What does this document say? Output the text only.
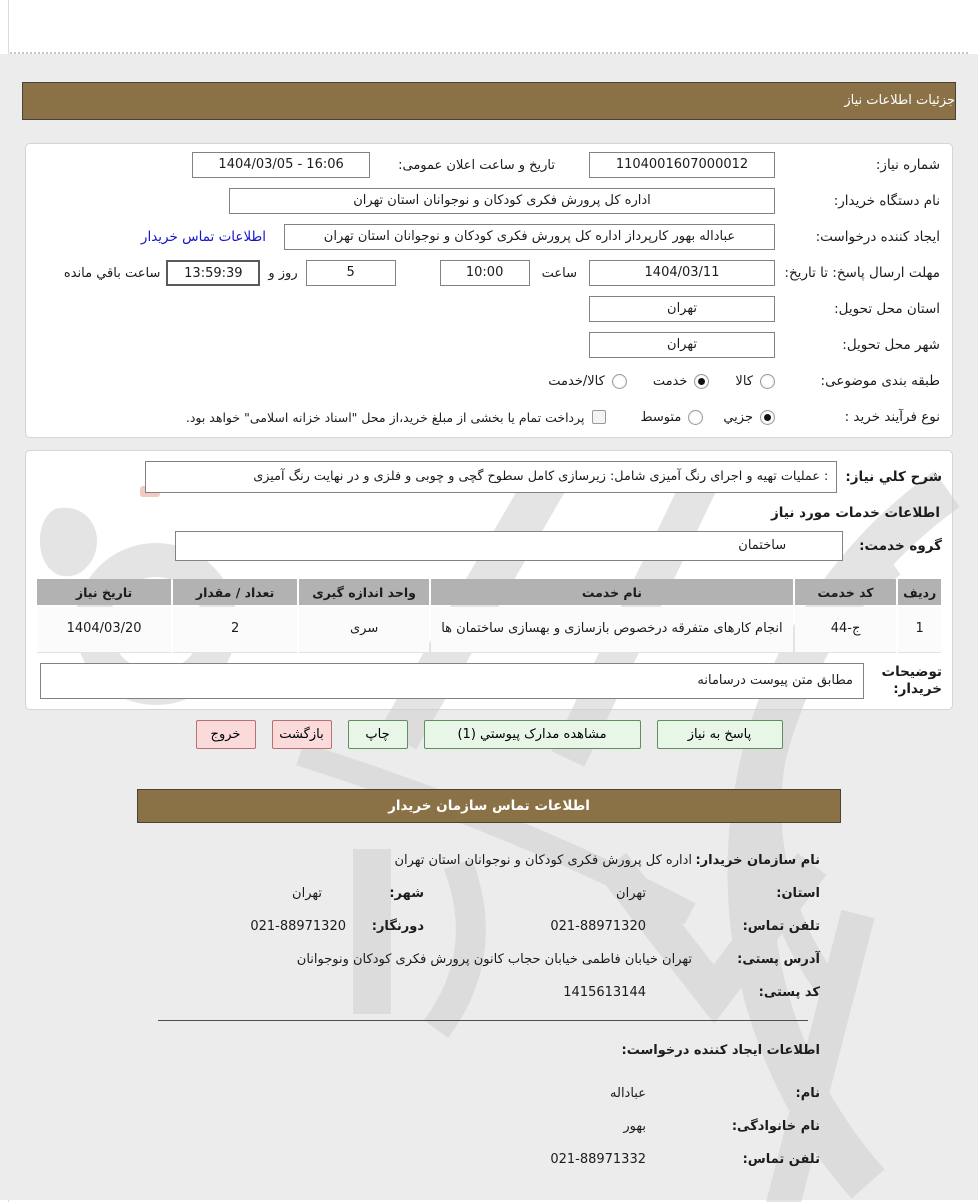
جزئیات اطلاعات نیاز
شماره نیاز:
1104001607000012
تاریخ و ساعت اعلان عمومی:
1404/03/05 - 16:06
نام دستگاه خریدار:
اداره کل پرورش فکری کودکان و نوجوانان استان تهران
ایجاد کننده درخواست:
عباداله بهور کارپرداز اداره کل پرورش فکری کودکان و نوجوانان استان تهران
اطلاعات تماس خریدار
مهلت ارسال پاسخ: تا تاریخ:
1404/03/11
ساعت
10:00
5
روز و
13:59:39
ساعت باقي مانده
استان محل تحویل:
تهران
شهر محل تحویل:
تهران
طبقه بندی موضوعی:
کالا
خدمت
کالا/خدمت
نوع فرآیند خرید :
جزيي
متوسط
پرداخت تمام یا بخشی از مبلغ خرید،از محل "اسناد خزانه اسلامی" خواهد بود.
شرح کلي نیاز:
: عملیات تهیه و اجرای رنگ آمیزی شامل: زیرسازی کامل سطوح گچی و چوبی و فلزی و در نهایت رنگ آمیزی
اطلاعات خدمات مورد نیاز
گروه خدمت:
ساختمان
ردیف	کد خدمت	نام خدمت	واحد اندازه گیری	تعداد / مقدار	تاریخ نیاز
1	ج-44	انجام کارهای متفرقه درخصوص بازسازی و بهسازی ساختمان ها	سری	2	1404/03/20
توضیحات خریدار:
مطابق متن پیوست درسامانه
پاسخ به نیاز
مشاهده مدارک پیوستي (1)
چاپ
بازگشت
خروج
اطلاعات تماس سازمان خریدار
نام سازمان خریدار:
اداره کل پرورش فکری کودکان و نوجوانان استان تهران
استان:
تهران
شهر:
تهران
تلفن تماس:
021-88971320
دورنگار:
021-88971320
آدرس پستی:
تهران خیابان فاطمی خیابان حجاب کانون پرورش فکری کودکان ونوجوانان
کد پستی:
1415613144
اطلاعات ایجاد کننده درخواست:
نام:
عباداله
نام خانوادگی:
بهور
تلفن تماس:
021-88971332
